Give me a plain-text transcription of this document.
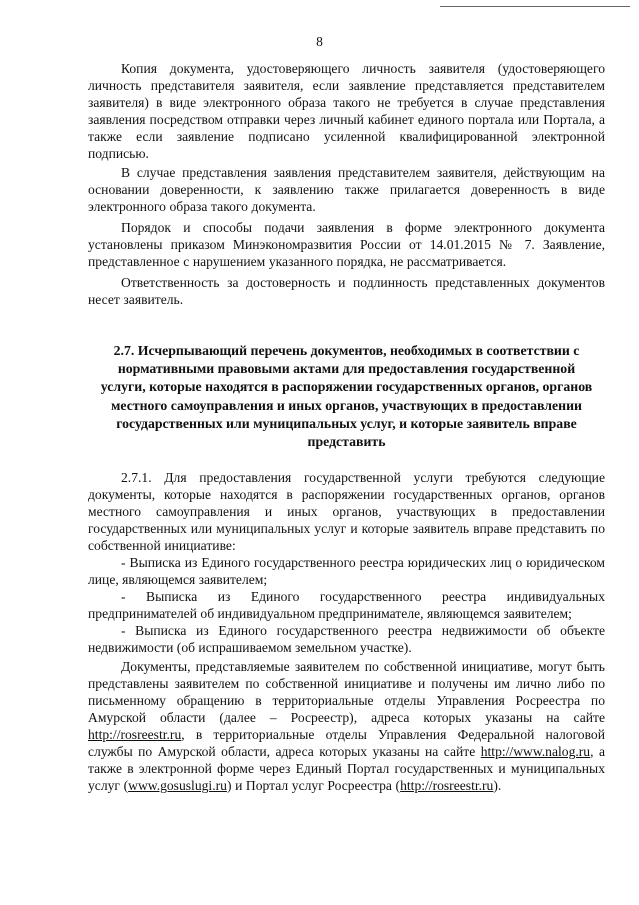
8

Копия документа, удостоверяющего личность заявителя (удостоверяющего личность представителя заявителя, если заявление представляется представителем заявителя) в виде электронного образа такого не требуется в случае представления заявления посредством отправки через личный кабинет единого портала или Портала, а также если заявление подписано усиленной квалифицированной электронной подписью.

В случае представления заявления представителем заявителя, действующим на основании доверенности, к заявлению также прилагается доверенность в виде электронного образа такого документа.

Порядок и способы подачи заявления в форме электронного документа установлены приказом Минэкономразвития России от 14.01.2015 № 7. Заявление, представленное с нарушением указанного порядка, не рассматривается.

Ответственность за достоверность и подлинность представленных документов несет заявитель.

2.7. Исчерпывающий перечень документов, необходимых в соответствии с нормативными правовыми актами для предоставления государственной услуги, которые находятся в распоряжении государственных органов, органов местного самоуправления и иных органов, участвующих в предоставлении государственных или муниципальных услуг, и которые заявитель вправе представить

2.7.1. Для предоставления государственной услуги требуются следующие документы, которые находятся в распоряжении государственных органов, органов местного самоуправления и иных органов, участвующих в предоставлении государственных или муниципальных услуг и которые заявитель вправе представить по собственной инициативе:

- Выписка из Единого государственного реестра юридических лиц о юридическом лице, являющемся заявителем;

- Выписка из Единого государственного реестра индивидуальных предпринимателей об индивидуальном предпринимателе, являющемся заявителем;

- Выписка из Единого государственного реестра недвижимости об объекте недвижимости (об испрашиваемом земельном участке).

Документы, представляемые заявителем по собственной инициативе, могут быть представлены заявителем по собственной инициативе и получены им лично либо по письменному обращению в территориальные отделы Управления Росреестра по Амурской области (далее – Росреестр), адреса которых указаны на сайте http://rosreestr.ru, в территориальные отделы Управления Федеральной налоговой службы по Амурской области, адреса которых указаны на сайте http://www.nalog.ru, а также в электронной форме через Единый Портал государственных и муниципальных услуг (www.gosuslugi.ru) и Портал услуг Росреестра (http://rosreestr.ru).
